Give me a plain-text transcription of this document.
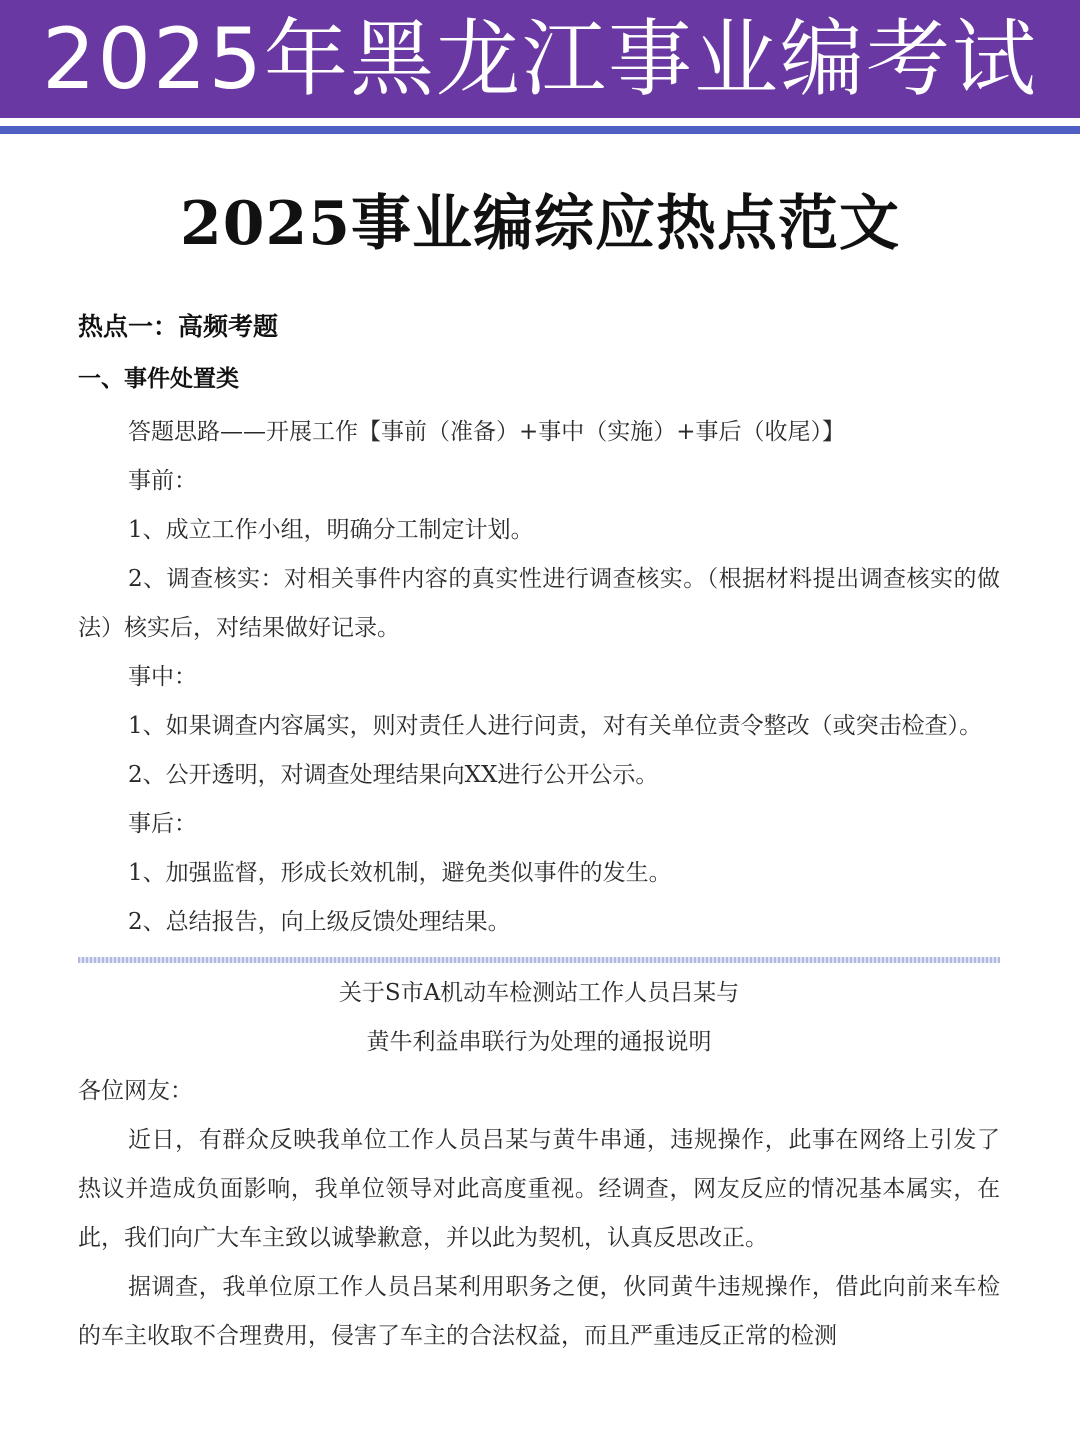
2025年黑龙江事业编考试
2025事业编综应热点范文
热点一：高频考题
一、事件处置类

答题思路——开展工作【事前（准备）+事中（实施）+事后（收尾）】

事前：

1、成立工作小组，明确分工制定计划。

2、调查核实：对相关事件内容的真实性进行调查核实。（根据材料提出调查核实的做法）核实后，对结果做好记录。

事中：

1、如果调查内容属实，则对责任人进行问责，对有关单位责令整改（或突击检查）。

2、公开透明，对调查处理结果向XX进行公开公示。

事后：

1、加强监督，形成长效机制，避免类似事件的发生。

2、总结报告，向上级反馈处理结果。

关于S市A机动车检测站工作人员吕某与

黄牛利益串联行为处理的通报说明

各位网友：

近日，有群众反映我单位工作人员吕某与黄牛串通，违规操作，此事在网络上引发了热议并造成负面影响，我单位领导对此高度重视。经调查，网友反应的情况基本属实，在此，我们向广大车主致以诚挚歉意，并以此为契机，认真反思改正。

据调查，我单位原工作人员吕某利用职务之便，伙同黄牛违规操作，借此向前来车检的车主收取不合理费用，侵害了车主的合法权益，而且严重违反正常的检测
